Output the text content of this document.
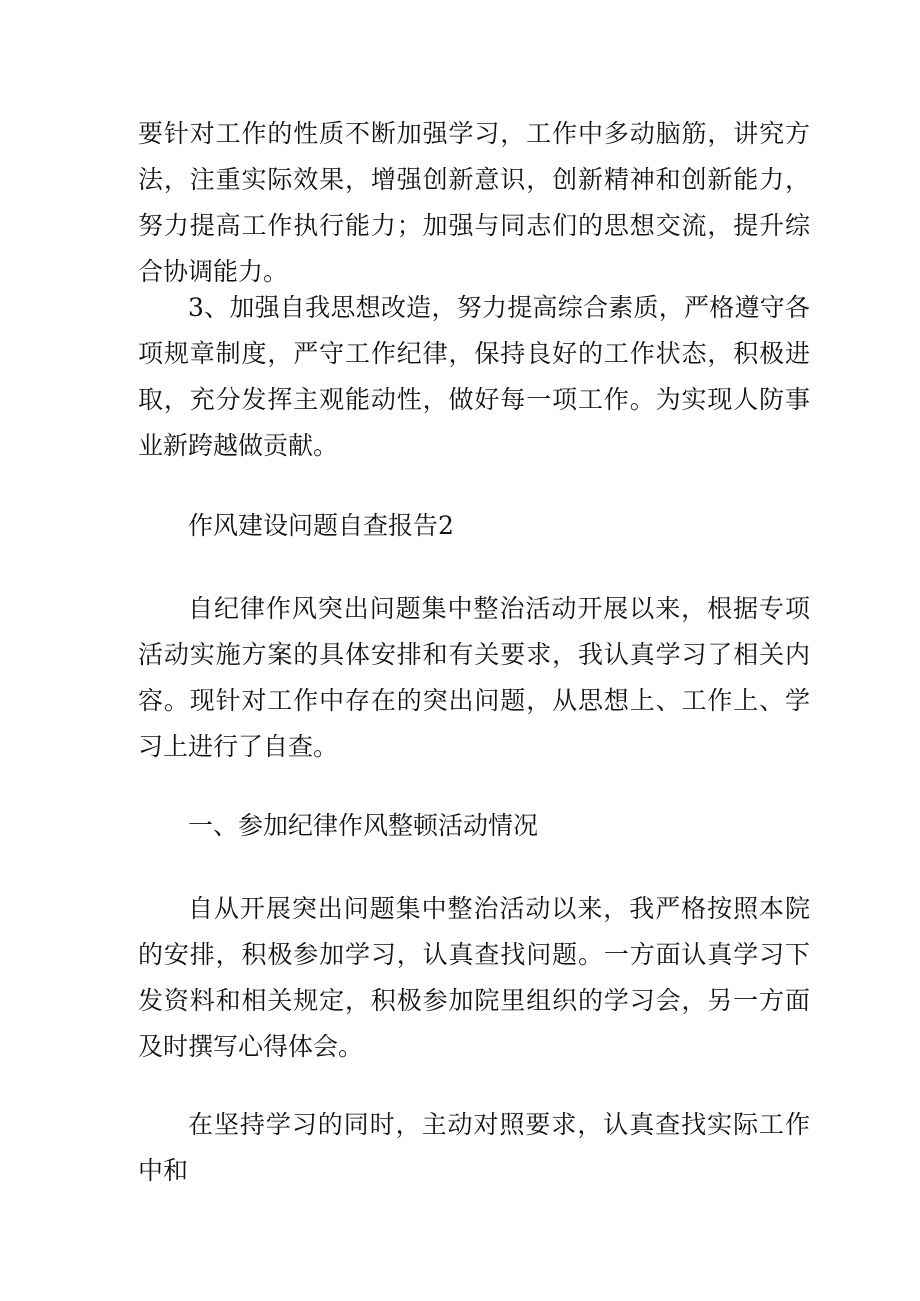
要针对工作的性质不断加强学习，工作中多动脑筋，讲究方法，注重实际效果，增强创新意识，创新精神和创新能力，努力提高工作执行能力；加强与同志们的思想交流，提升综合协调能力。

3、加强自我思想改造，努力提高综合素质，严格遵守各项规章制度，严守工作纪律，保持良好的工作状态，积极进取，充分发挥主观能动性，做好每一项工作。为实现人防事业新跨越做贡献。

作风建设问题自查报告2

自纪律作风突出问题集中整治活动开展以来，根据专项活动实施方案的具体安排和有关要求，我认真学习了相关内容。现针对工作中存在的突出问题，从思想上、工作上、学习上进行了自查。

一、参加纪律作风整顿活动情况

自从开展突出问题集中整治活动以来，我严格按照本院的安排，积极参加学习，认真查找问题。一方面认真学习下发资料和相关规定，积极参加院里组织的学习会，另一方面及时撰写心得体会。

在坚持学习的同时，主动对照要求，认真查找实际工作中和
